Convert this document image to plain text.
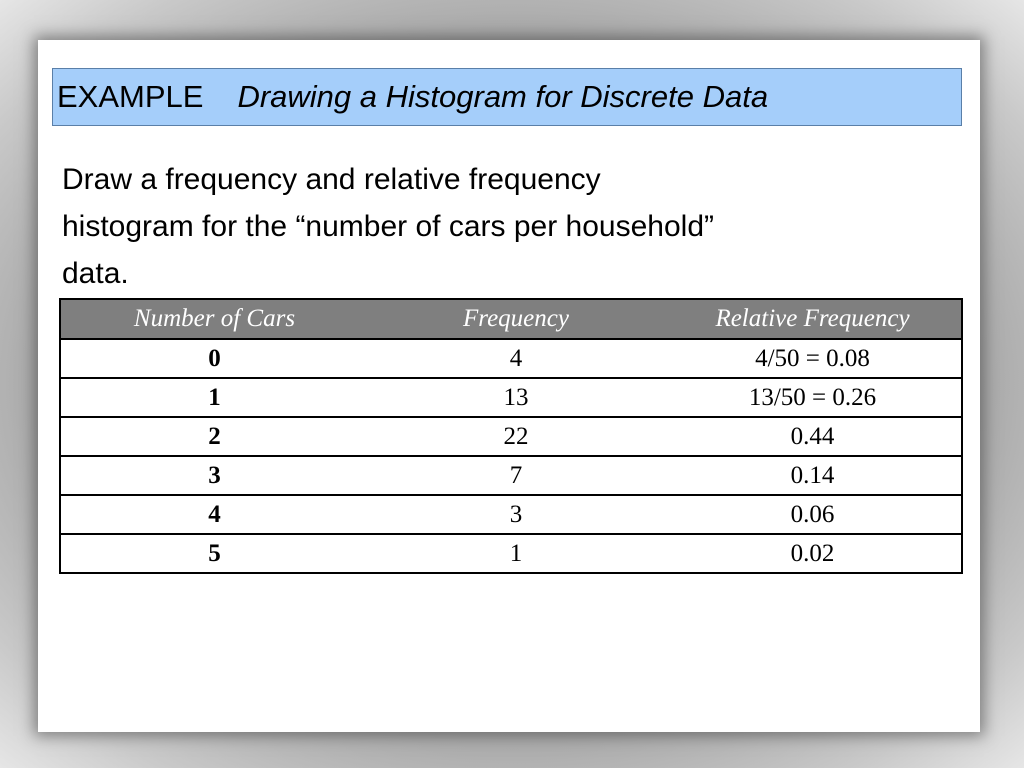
EXAMPLE Drawing a Histogram for Discrete Data

Draw a frequency and relative frequency
histogram for the “number of cars per household”
data.

Number of Cars	Frequency	Relative Frequency
0	4	4/50 = 0.08
1	13	13/50 = 0.26
2	22	0.44
3	7	0.14
4	3	0.06
5	1	0.02
